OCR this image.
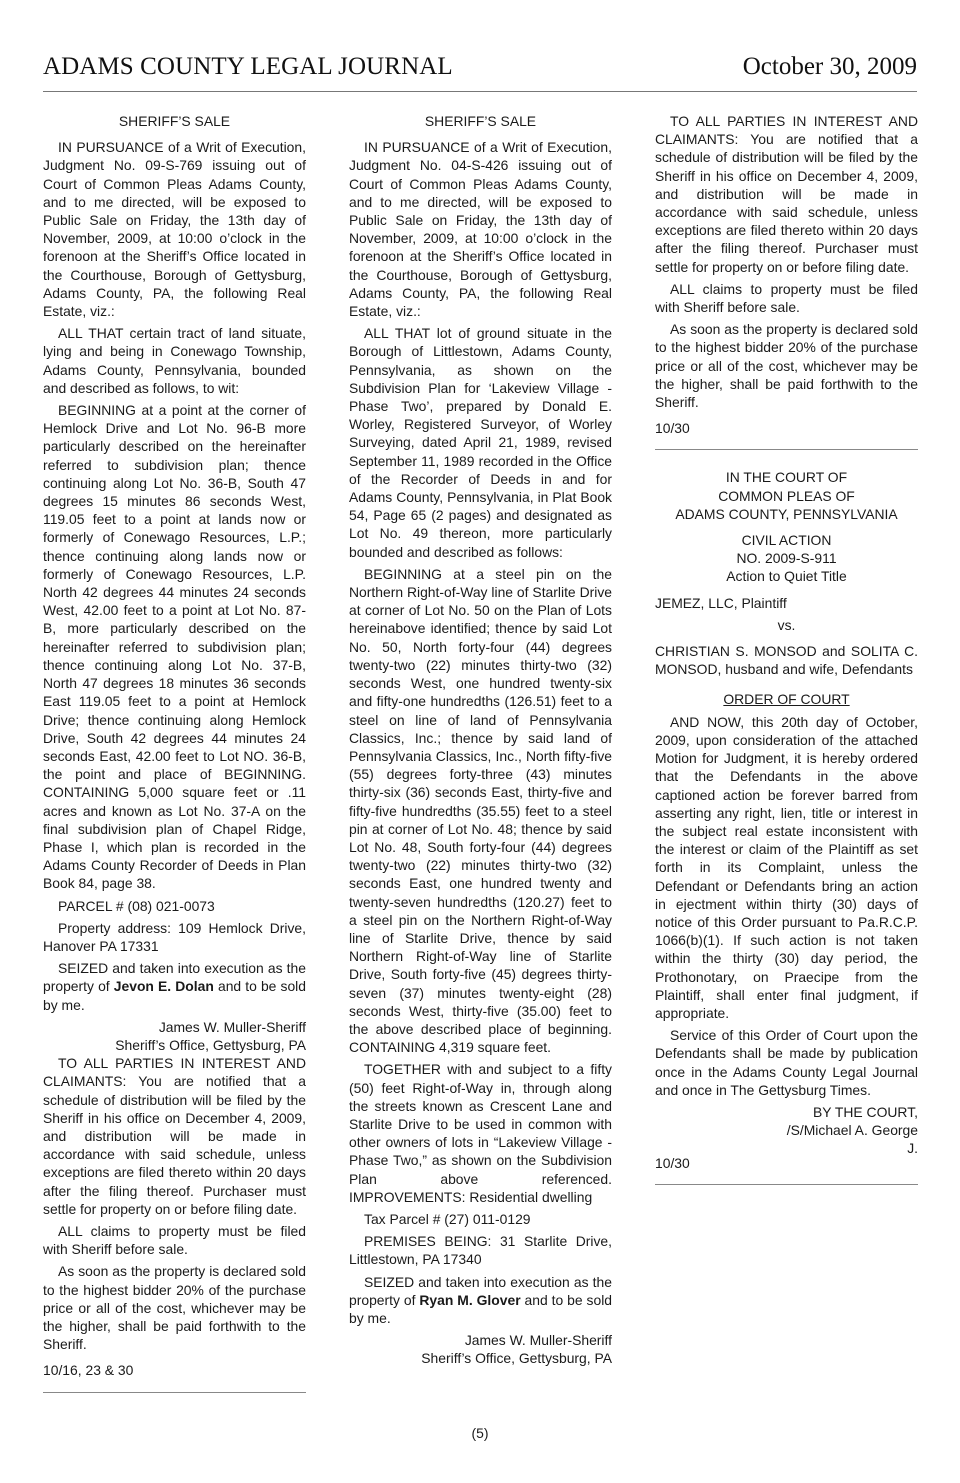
ADAMS COUNTY LEGAL JOURNAL	October 30, 2009

SHERIFF’S SALE

IN PURSUANCE of a Writ of Execution, Judgment No. 09-S-769 issuing out of Court of Common Pleas Adams County, and to me directed, will be exposed to Public Sale on Friday, the 13th day of November, 2009, at 10:00 o’clock in the forenoon at the Sheriff’s Office located in the Courthouse, Borough of Gettysburg, Adams County, PA, the following Real Estate, viz.:

ALL THAT certain tract of land situate, lying and being in Conewago Township, Adams County, Pennsylvania, bounded and described as follows, to wit:

BEGINNING at a point at the corner of Hemlock Drive and Lot No. 96-B more particularly described on the hereinafter referred to subdivision plan; thence continuing along Lot No. 36-B, South 47 degrees 15 minutes 86 seconds West, 119.05 feet to a point at lands now or formerly of Conewago Resources, L.P.; thence continuing along lands now or formerly of Conewago Resources, L.P. North 42 degrees 44 minutes 24 seconds West, 42.00 feet to a point at Lot No. 87-B, more particularly described on the hereinafter referred to subdivision plan; thence continuing along Lot No. 37-B, North 47 degrees 18 minutes 36 seconds East 119.05 feet to a point at Hemlock Drive; thence continuing along Hemlock Drive, South 42 degrees 44 minutes 24 seconds East, 42.00 feet to Lot NO. 36-B, the point and place of BEGINNING. CONTAINING 5,000 square feet or .11 acres and known as Lot No. 37-A on the final subdivision plan of Chapel Ridge, Phase I, which plan is recorded in the Adams County Recorder of Deeds in Plan Book 84, page 38.

PARCEL # (08) 021-0073

Property address: 109 Hemlock Drive, Hanover PA 17331

SEIZED and taken into execution as the property of Jevon E. Dolan and to be sold by me.

James W. Muller-Sheriff

Sheriff’s Office, Gettysburg, PA

TO ALL PARTIES IN INTEREST AND CLAIMANTS: You are notified that a schedule of distribution will be filed by the Sheriff in his office on December 4, 2009, and distribution will be made in accordance with said schedule, unless exceptions are filed thereto within 20 days after the filing thereof. Purchaser must settle for property on or before filing date.

ALL claims to property must be filed with Sheriff before sale.

As soon as the property is declared sold to the highest bidder 20% of the purchase price or all of the cost, whichever may be the higher, shall be paid forthwith to the Sheriff.

10/16, 23 & 30

SHERIFF’S SALE

IN PURSUANCE of a Writ of Execution, Judgment No. 04-S-426 issuing out of Court of Common Pleas Adams County, and to me directed, will be exposed to Public Sale on Friday, the 13th day of November, 2009, at 10:00 o’clock in the forenoon at the Sheriff’s Office located in the Courthouse, Borough of Gettysburg, Adams County, PA, the following Real Estate, viz.:

ALL THAT lot of ground situate in the Borough of Littlestown, Adams County, Pennsylvania, as shown on the Subdivision Plan for ‘Lakeview Village - Phase Two’, prepared by Donald E. Worley, Registered Surveyor, of Worley Surveying, dated April 21, 1989, revised September 11, 1989 recorded in the Office of the Recorder of Deeds in and for Adams County, Pennsylvania, in Plat Book 54, Page 65 (2 pages) and designated as Lot No. 49 thereon, more particularly bounded and described as follows:

BEGINNING at a steel pin on the Northern Right-of-Way line of Starlite Drive at corner of Lot No. 50 on the Plan of Lots hereinabove identified; thence by said Lot No. 50, North forty-four (44) degrees twenty-two (22) minutes thirty-two (32) seconds West, one hundred twenty-six and fifty-one hundredths (126.51) feet to a steel on line of land of Pennsylvania Classics, Inc.; thence by said land of Pennsylvania Classics, Inc., North fifty-five (55) degrees forty-three (43) minutes thirty-six (36) seconds East, thirty-five and fifty-five hundredths (35.55) feet to a steel pin at corner of Lot No. 48; thence by said Lot No. 48, South forty-four (44) degrees twenty-two (22) minutes thirty-two (32) seconds East, one hundred twenty and twenty-seven hundredths (120.27) feet to a steel pin on the Northern Right-of-Way line of Starlite Drive, thence by said Northern Right-of-Way line of Starlite Drive, South forty-five (45) degrees thirty-seven (37) minutes twenty-eight (28) seconds West, thirty-five (35.00) feet to the above described place of beginning. CONTAINING 4,319 square feet.

TOGETHER with and subject to a fifty (50) feet Right-of-Way in, through along the streets known as Crescent Lane and Starlite Drive to be used in common with other owners of lots in “Lakeview Village - Phase Two,” as shown on the Subdivision Plan above referenced. IMPROVEMENTS: Residential dwelling

Tax Parcel # (27) 011-0129

PREMISES BEING: 31 Starlite Drive, Littlestown, PA 17340

SEIZED and taken into execution as the property of Ryan M. Glover and to be sold by me.

James W. Muller-Sheriff

Sheriff’s Office, Gettysburg, PA

TO ALL PARTIES IN INTEREST AND CLAIMANTS: You are notified that a schedule of distribution will be filed by the Sheriff in his office on December 4, 2009, and distribution will be made in accordance with said schedule, unless exceptions are filed thereto within 20 days after the filing thereof. Purchaser must settle for property on or before filing date.

ALL claims to property must be filed with Sheriff before sale.

As soon as the property is declared sold to the highest bidder 20% of the purchase price or all of the cost, whichever may be the higher, shall be paid forthwith to the Sheriff.

10/30

IN THE COURT OF

COMMON PLEAS OF

ADAMS COUNTY, PENNSYLVANIA

CIVIL ACTION

NO. 2009-S-911

Action to Quiet Title

JEMEZ, LLC, Plaintiff

vs.

CHRISTIAN S. MONSOD and SOLITA C. MONSOD, husband and wife, Defendants

ORDER OF COURT

AND NOW, this 20th day of October, 2009, upon consideration of the attached Motion for Judgment, it is hereby ordered that the Defendants in the above captioned action be forever barred from asserting any right, lien, title or interest in the subject real estate inconsistent with the interest or claim of the Plaintiff as set forth in its Complaint, unless the Defendant or Defendants bring an action in ejectment within thirty (30) days of notice of this Order pursuant to Pa.R.C.P. 1066(b)(1). If such action is not taken within the thirty (30) day period, the Prothonotary, on Praecipe from the Plaintiff, shall enter final judgment, if appropriate.

Service of this Order of Court upon the Defendants shall be made by publication once in the Adams County Legal Journal and once in The Gettysburg Times.

BY THE COURT,

/S/Michael A. George

J.

10/30

(5)
